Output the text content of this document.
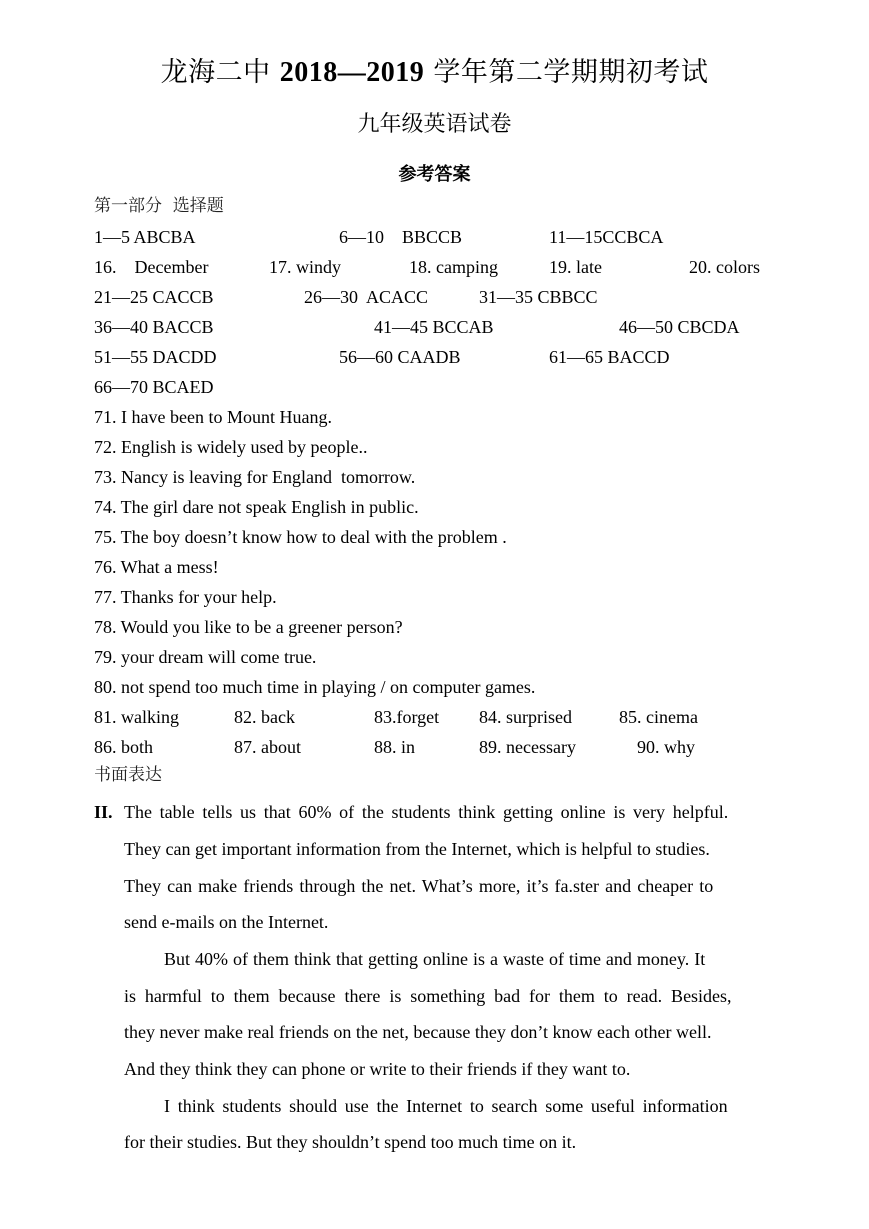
龙海二中 2018—2019 学年第二学期期初考试
九年级英语试卷
参考答案
第一部分  选择题
1—5 ABCBA	6—10    BBCCB	11—15CCBCA
16.    December	17. windy	18. camping	19. late	20. colors
21—25 CACCB	26—30  ACACC	31—35 CBBCC
36—40 BACCB	41—45 BCCAB	46—50 CBCDA
51—55 DACDD	56—60 CAADB	61—65 BACCD
66—70 BCAED
71. I have been to Mount Huang.
72. English is widely used by people..
73. Nancy is leaving for England  tomorrow.
74. The girl dare not speak English in public.
75. The boy doesn’t know how to deal with the problem .
76. What a mess!
77. Thanks for your help.
78. Would you like to be a greener person?
79. your dream will come true.
80. not spend too much time in playing / on computer games.
81. walking	82. back	83.forget 84. surprised	85. cinema
86. both	87. about	88. in	89. necessary	90. why
书面表达
II. The table tells us that 60% of the students think getting online is very helpful.
They can get important information from the Internet, which is helpful to studies.
They can make friends through the net. What’s more, it’s fa.ster and cheaper to
send e-mails on the Internet.
But 40% of them think that getting online is a waste of time and money. It
is harmful to them because there is something bad for them to read. Besides,
they never make real friends on the net, because they don’t know each other well.
And they think they can phone or write to their friends if they want to.
I think students should use the Internet to search some useful information
for their studies. But they shouldn’t spend too much time on it.
